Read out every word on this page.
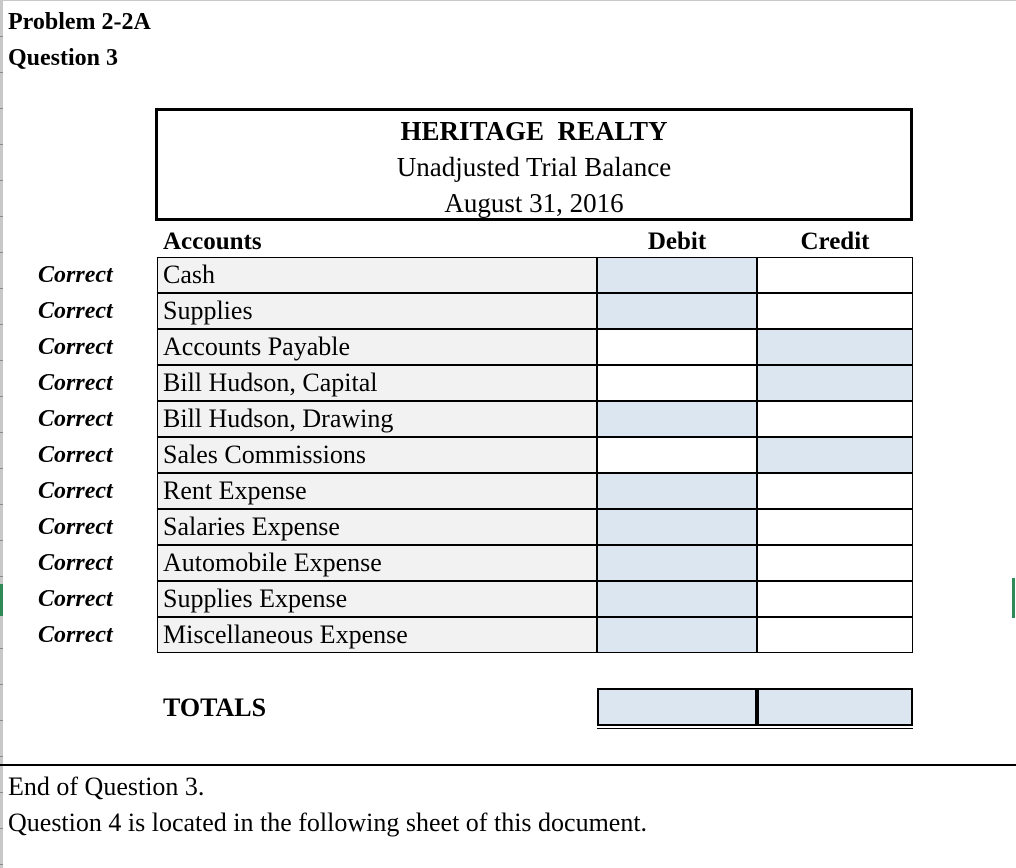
Problem 2-2A
Question 3
HERITAGE  REALTY
Unadjusted Trial Balance
August 31, 2016
Accounts	Debit	Credit
Correct	Cash
Correct	Supplies
Correct	Accounts Payable
Correct	Bill Hudson, Capital
Correct	Bill Hudson, Drawing
Correct	Sales Commissions
Correct	Rent Expense
Correct	Salaries Expense
Correct	Automobile Expense
Correct	Supplies Expense
Correct	Miscellaneous Expense
TOTALS
End of Question 3.
Question 4 is located in the following sheet of this document.
